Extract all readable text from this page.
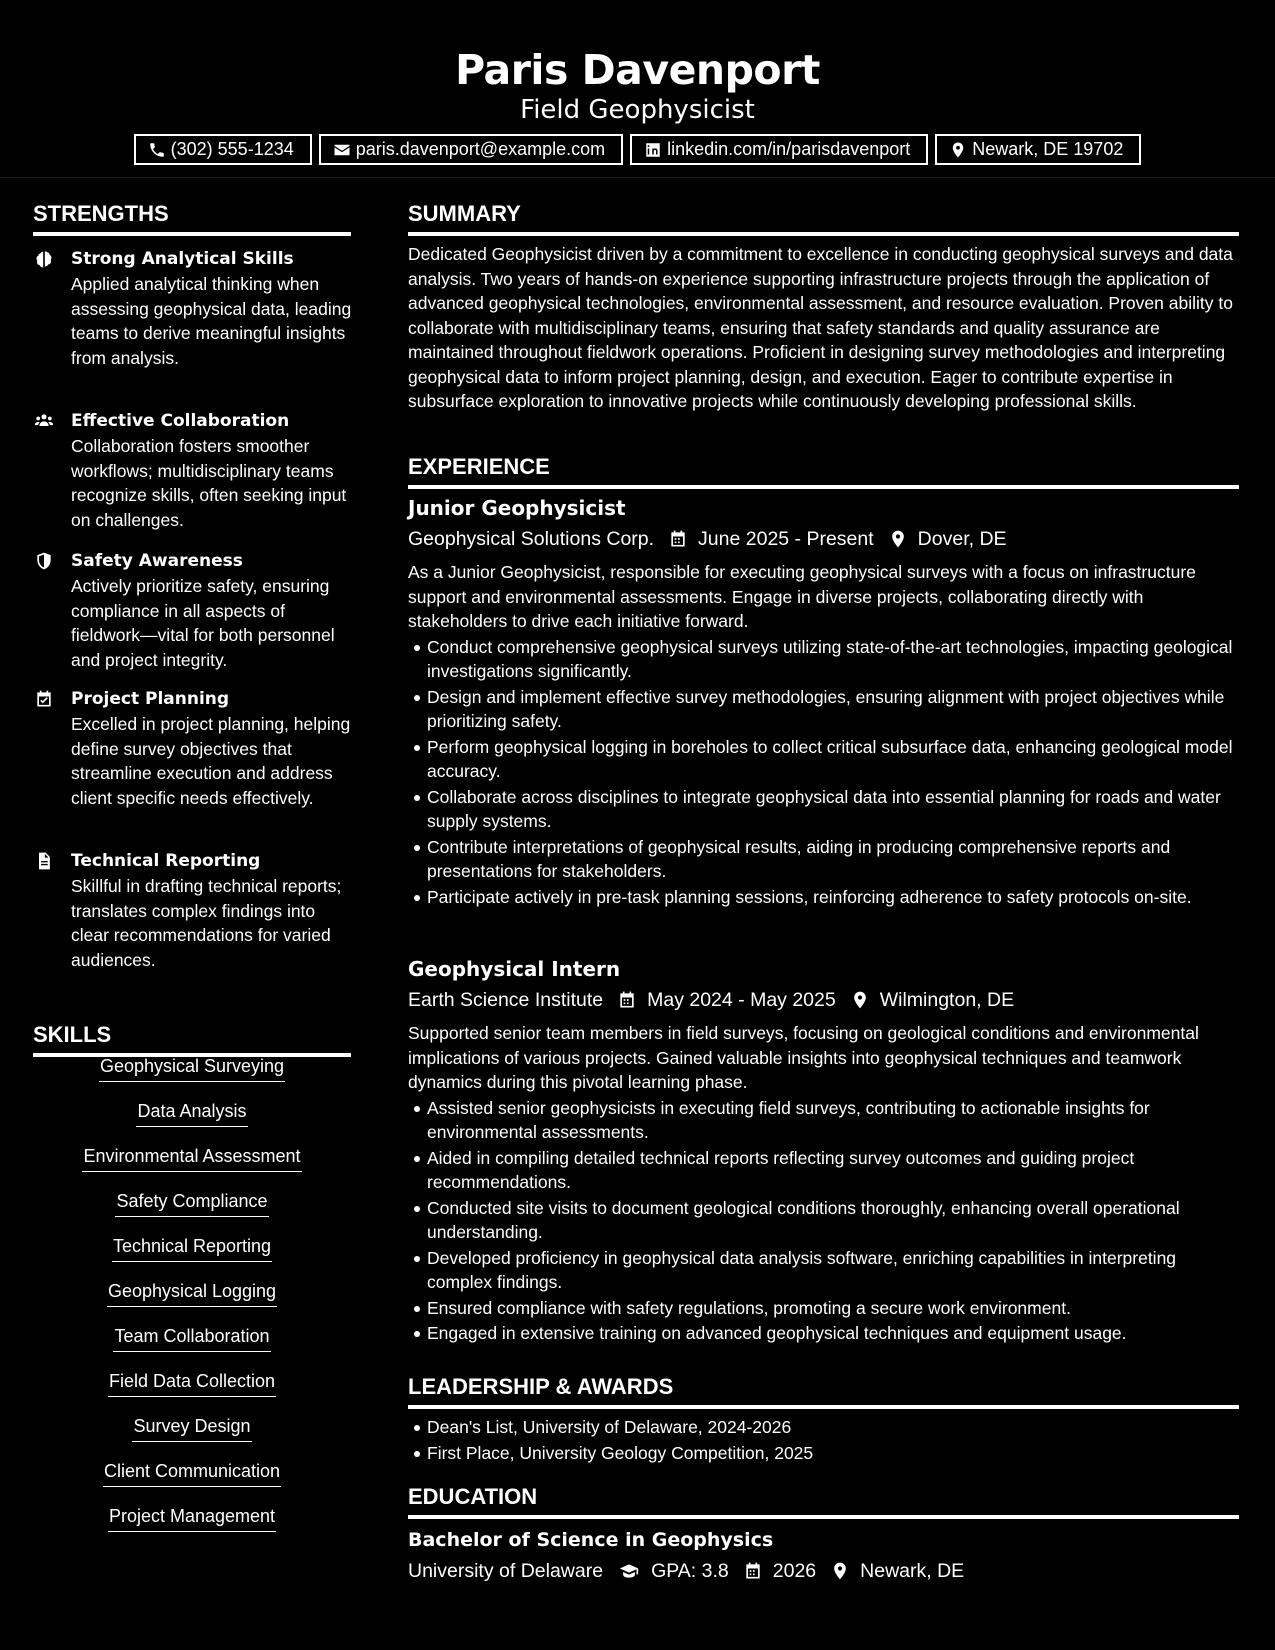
Paris Davenport
Field Geophysicist
(302) 555-1234	paris.davenport@example.com	linkedin.com/in/parisdavenport	Newark, DE 19702
STRENGTHS
Strong Analytical Skills
Applied analytical thinking when assessing geophysical data, leading teams to derive meaningful insights from analysis.
Effective Collaboration
Collaboration fosters smoother workflows; multidisciplinary teams recognize skills, often seeking input on challenges.
Safety Awareness
Actively prioritize safety, ensuring compliance in all aspects of fieldwork—vital for both personnel and project integrity.
Project Planning
Excelled in project planning, helping define survey objectives that streamline execution and address client specific needs effectively.
Technical Reporting
Skillful in drafting technical reports; translates complex findings into clear recommendations for varied audiences.
SKILLS
Geophysical Surveying
Data Analysis
Environmental Assessment
Safety Compliance
Technical Reporting
Geophysical Logging
Team Collaboration
Field Data Collection
Survey Design
Client Communication
Project Management
SUMMARY
Dedicated Geophysicist driven by a commitment to excellence in conducting geophysical surveys and data analysis. Two years of hands-on experience supporting infrastructure projects through the application of advanced geophysical technologies, environmental assessment, and resource evaluation. Proven ability to collaborate with multidisciplinary teams, ensuring that safety standards and quality assurance are maintained throughout fieldwork operations. Proficient in designing survey methodologies and interpreting geophysical data to inform project planning, design, and execution. Eager to contribute expertise in subsurface exploration to innovative projects while continuously developing professional skills.
EXPERIENCE
Junior Geophysicist
Geophysical Solutions Corp. June 2025 - Present Dover, DE
As a Junior Geophysicist, responsible for executing geophysical surveys with a focus on infrastructure support and environmental assessments. Engage in diverse projects, collaborating directly with stakeholders to drive each initiative forward.
Conduct comprehensive geophysical surveys utilizing state-of-the-art technologies, impacting geological investigations significantly.
Design and implement effective survey methodologies, ensuring alignment with project objectives while prioritizing safety.
Perform geophysical logging in boreholes to collect critical subsurface data, enhancing geological model accuracy.
Collaborate across disciplines to integrate geophysical data into essential planning for roads and water supply systems.
Contribute interpretations of geophysical results, aiding in producing comprehensive reports and presentations for stakeholders.
Participate actively in pre-task planning sessions, reinforcing adherence to safety protocols on-site.
Geophysical Intern
Earth Science Institute May 2024 - May 2025 Wilmington, DE
Supported senior team members in field surveys, focusing on geological conditions and environmental implications of various projects. Gained valuable insights into geophysical techniques and teamwork dynamics during this pivotal learning phase.
Assisted senior geophysicists in executing field surveys, contributing to actionable insights for environmental assessments.
Aided in compiling detailed technical reports reflecting survey outcomes and guiding project recommendations.
Conducted site visits to document geological conditions thoroughly, enhancing overall operational understanding.
Developed proficiency in geophysical data analysis software, enriching capabilities in interpreting complex findings.
Ensured compliance with safety regulations, promoting a secure work environment.
Engaged in extensive training on advanced geophysical techniques and equipment usage.
LEADERSHIP & AWARDS
Dean's List, University of Delaware, 2024-2026
First Place, University Geology Competition, 2025
EDUCATION
Bachelor of Science in Geophysics
University of Delaware GPA: 3.8 2026 Newark, DE
